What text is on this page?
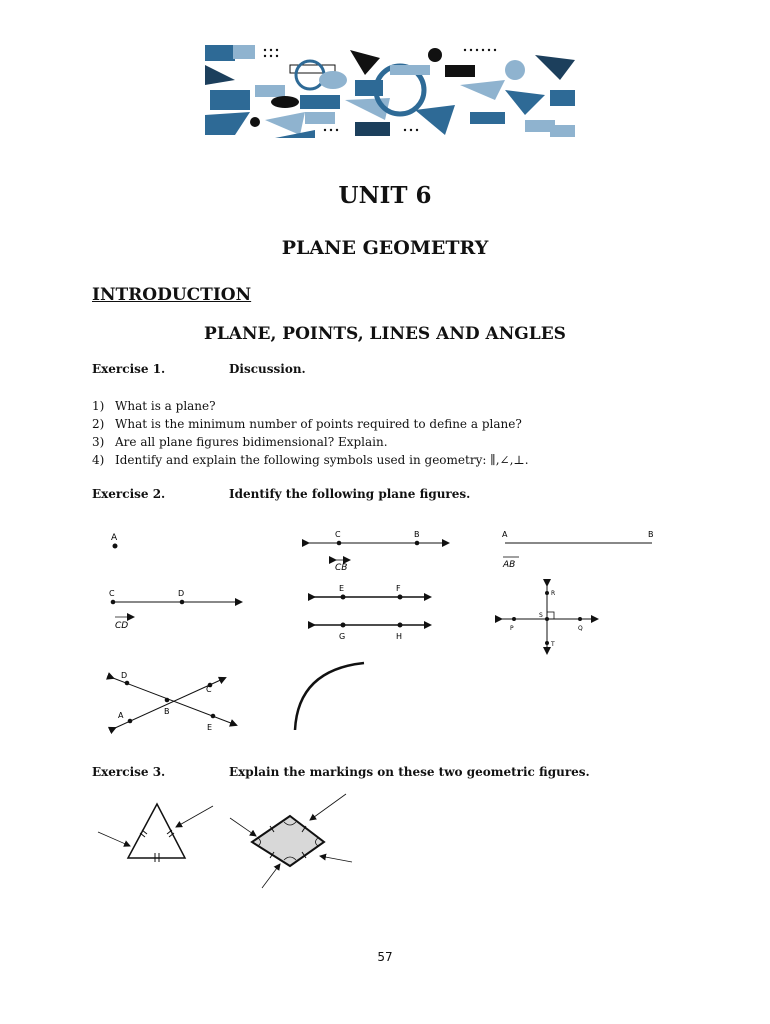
UNIT 6
PLANE GEOMETRY
INTRODUCTION
PLANE, POINTS, LINES AND ANGLES
Exercise 1.	Discussion.
1) What is a plane?
2) What is the minimum number of points required to define a plane?
3) Are all plane figures bidimensional? Explain.
4) Identify and explain the following symbols used in geometry: ∥,∠,⊥.
Exercise 2.	Identify the following plane figures.
A	C	B
CB
A	B
AB
C	D
CD
E	F
G	H
R
S
P	Q
T
D
C
B
A
E
Exercise 3.	Explain the markings on these two geometric figures.
57
